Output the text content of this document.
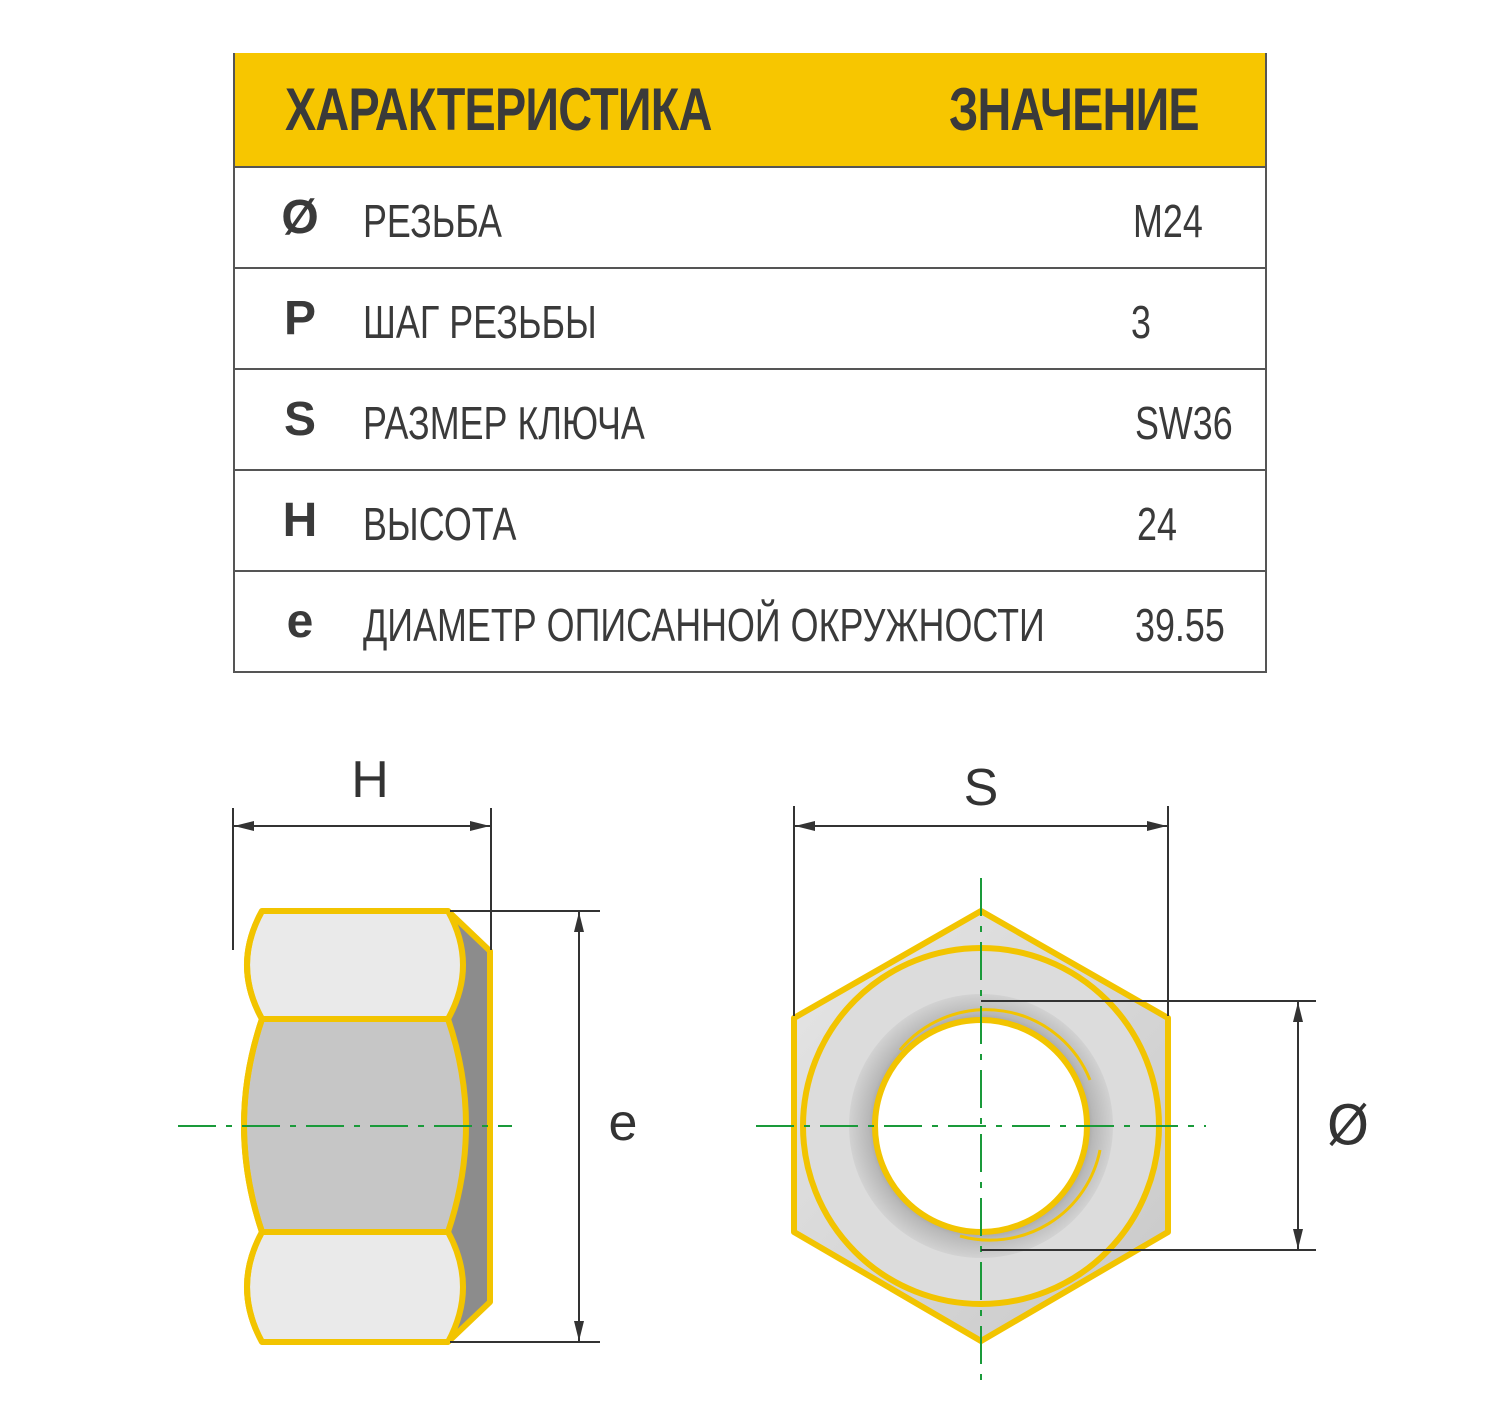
ХАРАКТЕРИСТИКА	ЗНАЧЕНИЕ
Ø РЕЗЬБА	М24
P ШАГ РЕЗЬБЫ	3
S РАЗМЕР КЛЮЧА	SW36
H ВЫСОТА	24
e ДИАМЕТР ОПИСАННОЙ ОКРУЖНОСТИ 39.55
H
e
S
Ø
